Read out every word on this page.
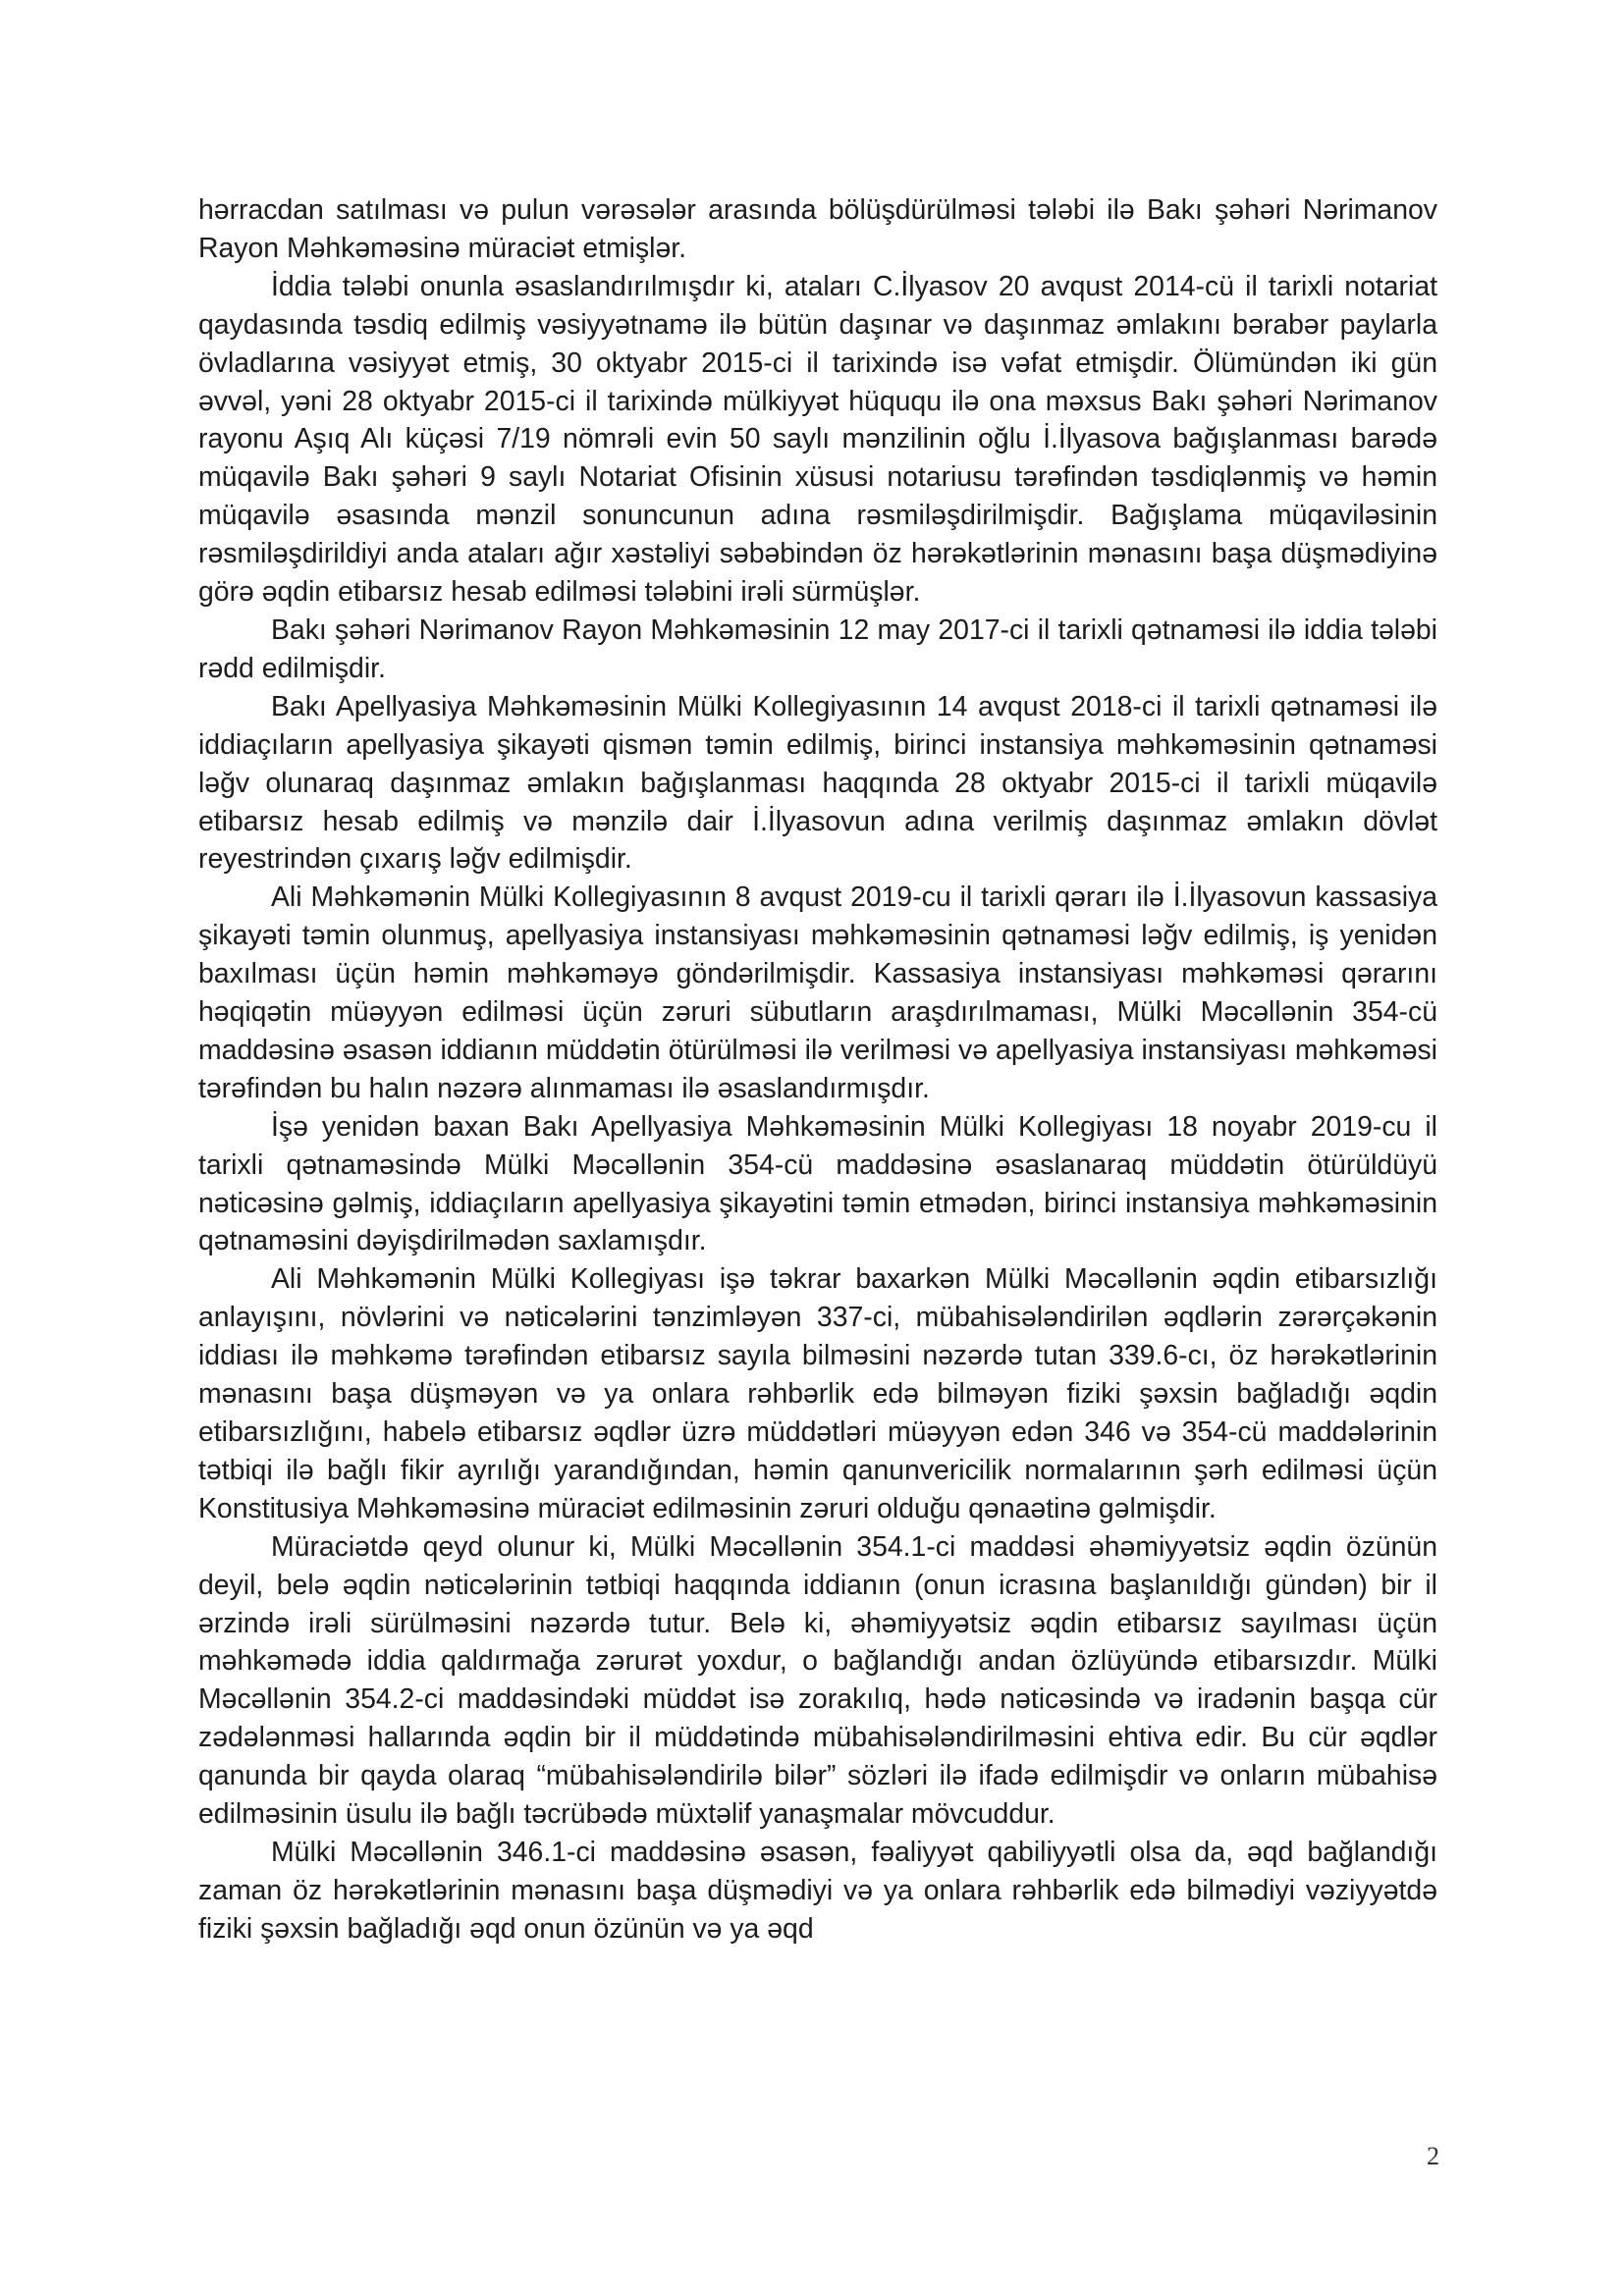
hərracdan satılması və pulun vərəsələr arasında bölüşdürülməsi tələbi ilə Bakı şəhəri Nərimanov Rayon Məhkəməsinə müraciət etmişlər.

İddia tələbi onunla əsaslandırılmışdır ki, ataları C.İlyasov 20 avqust 2014-cü il tarixli notariat qaydasında təsdiq edilmiş vəsiyyətnamə ilə bütün daşınar və daşınmaz əmlakını bərabər paylarla övladlarına vəsiyyət etmiş, 30 oktyabr 2015-ci il tarixində isə vəfat etmişdir. Ölümündən iki gün əvvəl, yəni 28 oktyabr 2015-ci il tarixində mülkiyyət hüququ ilə ona məxsus Bakı şəhəri Nərimanov rayonu Aşıq Alı küçəsi 7/19 nömrəli evin 50 saylı mənzilinin oğlu İ.İlyasova bağışlanması barədə müqavilə Bakı şəhəri 9 saylı Notariat Ofisinin xüsusi notariusu tərəfindən təsdiqlənmiş və həmin müqavilə əsasında mənzil sonuncunun adına rəsmiləşdirilmişdir. Bağışlama müqaviləsinin rəsmiləşdirildiyi anda ataları ağır xəstəliyi səbəbindən öz hərəkətlərinin mənasını başa düşmədiyinə görə əqdin etibarsız hesab edilməsi tələbini irəli sürmüşlər.

Bakı şəhəri Nərimanov Rayon Məhkəməsinin 12 may 2017-ci il tarixli qətnaməsi ilə iddia tələbi rədd edilmişdir.

Bakı Apellyasiya Məhkəməsinin Mülki Kollegiyasının 14 avqust 2018-ci il tarixli qətnaməsi ilə iddiaçıların apellyasiya şikayəti qismən təmin edilmiş, birinci instansiya məhkəməsinin qətnaməsi ləğv olunaraq daşınmaz əmlakın bağışlanması haqqında 28 oktyabr 2015-ci il tarixli müqavilə etibarsız hesab edilmiş və mənzilə dair İ.İlyasovun adına verilmiş daşınmaz əmlakın dövlət reyestrindən çıxarış ləğv edilmişdir.

Ali Məhkəmənin Mülki Kollegiyasının 8 avqust 2019-cu il tarixli qərarı ilə İ.İlyasovun kassasiya şikayəti təmin olunmuş, apellyasiya instansiyası məhkəməsinin qətnaməsi ləğv edilmiş, iş yenidən baxılması üçün həmin məhkəməyə göndərilmişdir. Kassasiya instansiyası məhkəməsi qərarını həqiqətin müəyyən edilməsi üçün zəruri sübutların araşdırılmaması, Mülki Məcəllənin 354-cü maddəsinə əsasən iddianın müddətin ötürülməsi ilə verilməsi və apellyasiya instansiyası məhkəməsi tərəfindən bu halın nəzərə alınmaması ilə əsaslandırmışdır.

İşə yenidən baxan Bakı Apellyasiya Məhkəməsinin Mülki Kollegiyası 18 noyabr 2019-cu il tarixli qətnaməsində Mülki Məcəllənin 354-cü maddəsinə əsaslanaraq müddətin ötürüldüyü nəticəsinə gəlmiş, iddiaçıların apellyasiya şikayətini təmin etmədən, birinci instansiya məhkəməsinin qətnaməsini dəyişdirilmədən saxlamışdır.

Ali Məhkəmənin Mülki Kollegiyası işə təkrar baxarkən Mülki Məcəllənin əqdin etibarsızlığı anlayışını, növlərini və nəticələrini tənzimləyən 337-ci, mübahisələndirilən əqdlərin zərərçəkənin iddiası ilə məhkəmə tərəfindən etibarsız sayıla bilməsini nəzərdə tutan 339.6-cı, öz hərəkətlərinin mənasını başa düşməyən və ya onlara rəhbərlik edə bilməyən fiziki şəxsin bağladığı əqdin etibarsızlığını, habelə etibarsız əqdlər üzrə müddətləri müəyyən edən 346 və 354-cü maddələrinin tətbiqi ilə bağlı fikir ayrılığı yarandığından, həmin qanunvericilik normalarının şərh edilməsi üçün Konstitusiya Məhkəməsinə müraciət edilməsinin zəruri olduğu qənaətinə gəlmişdir.

Müraciətdə qeyd olunur ki, Mülki Məcəllənin 354.1-ci maddəsi əhəmiyyətsiz əqdin özünün deyil, belə əqdin nəticələrinin tətbiqi haqqında iddianın (onun icrasına başlanıldığı gündən) bir il ərzində irəli sürülməsini nəzərdə tutur. Belə ki, əhəmiyyətsiz əqdin etibarsız sayılması üçün məhkəmədə iddia qaldırmağa zərurət yoxdur, o bağlandığı andan özlüyündə etibarsızdır. Mülki Məcəllənin 354.2-ci maddəsindəki müddət isə zorakılıq, hədə nəticəsində və iradənin başqa cür zədələnməsi hallarında əqdin bir il müddətində mübahisələndirilməsini ehtiva edir. Bu cür əqdlər qanunda bir qayda olaraq “mübahisələndirilə bilər” sözləri ilə ifadə edilmişdir və onların mübahisə edilməsinin üsulu ilə bağlı təcrübədə müxtəlif yanaşmalar mövcuddur.

Mülki Məcəllənin 346.1-ci maddəsinə əsasən, fəaliyyət qabiliyyətli olsa da, əqd bağlandığı zaman öz hərəkətlərinin mənasını başa düşmədiyi və ya onlara rəhbərlik edə bilmədiyi vəziyyətdə fiziki şəxsin bağladığı əqd onun özünün və ya əqd

2
